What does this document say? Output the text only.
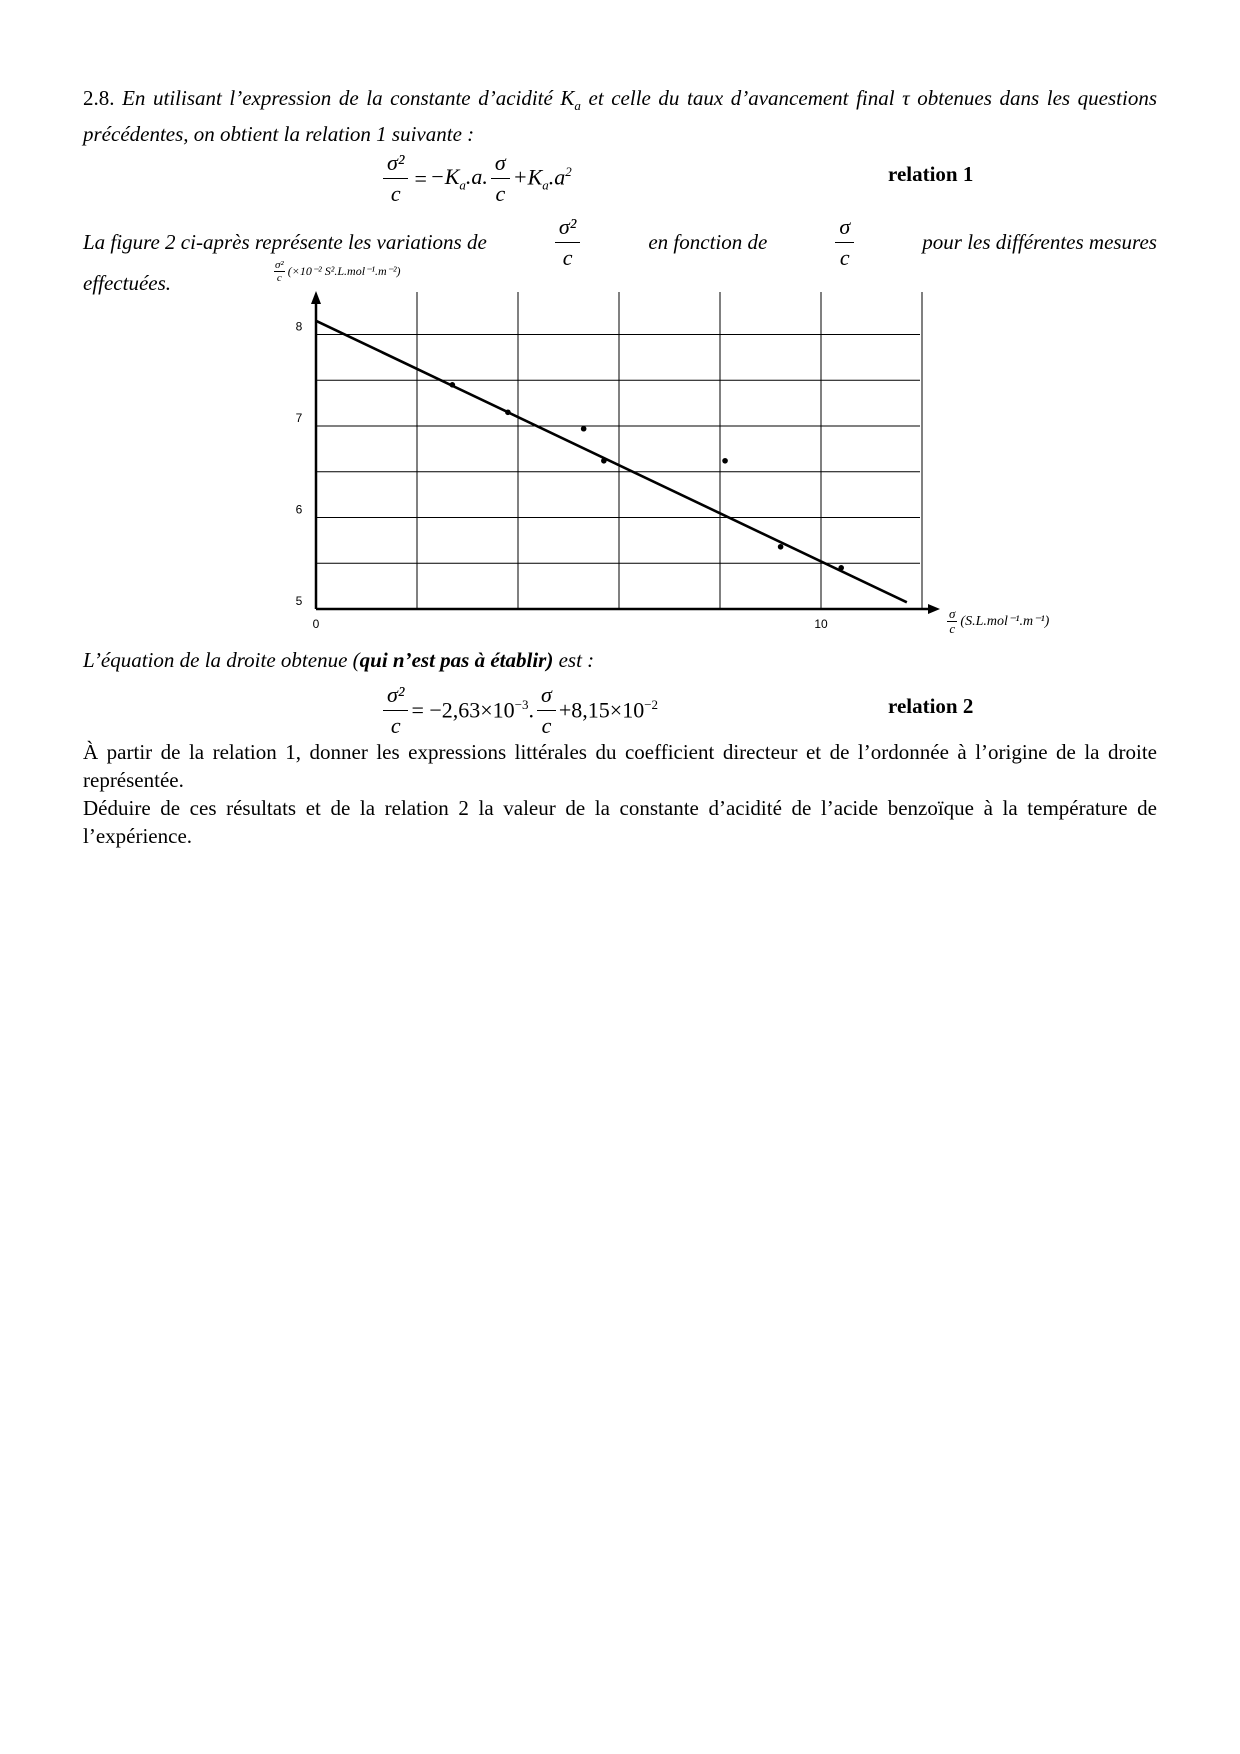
2.8. En utilisant l’expression de la constante d’acidité $K_a$ et celle du taux d’avancement final τ obtenues dans les questions précédentes, on obtient la relation 1 suivante :
$\frac{\text{σ²}}{c} = -K_a.a$. $\frac{\sigma}{c} +K_a.a^2$	relation 1
La figure 2 ci-après représente les variations de	$\frac{\text{σ²}}{c}$	en fonction de	$\frac{\sigma}{c}$	pour les différentes mesures
effectuées.	$\frac{\text{σ²}}{c} (\times 10^{-2}$ S².L.mol⁻¹.m⁻²)
5
6
7
8
0	10	$\frac{\sigma}{c} (S.L.mol^{-1}.m^{-1})$
L’équation de la droite obtenue (qui n’est pas à établir) est :
$\frac{\text{σ²}}{c} = -2,63\times 10^{-3}$. $\frac{\sigma}{c} +8,15\times 10^{-2}$	relation 2
À partir de la relation 1, donner les expressions littérales du coefficient directeur et de l’ordonnée à l’origine de la droite représentée.
Déduire de ces résultats et de la relation 2 la valeur de la constante d’acidité de l’acide benzoïque à la température de l’expérience.
